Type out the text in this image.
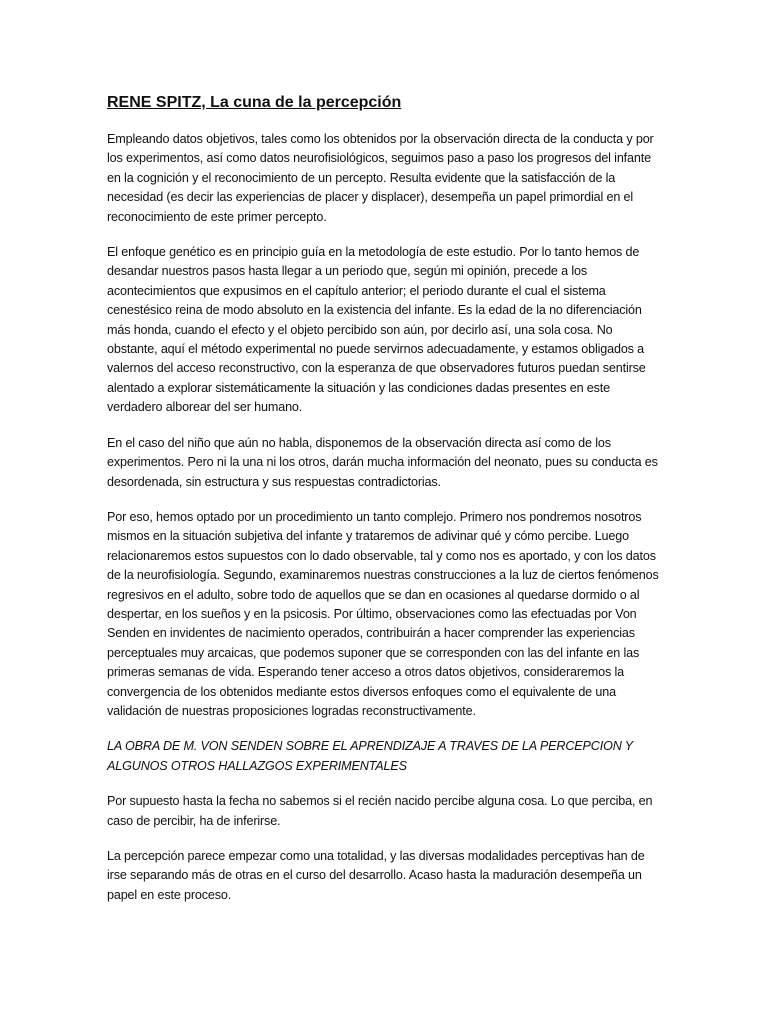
RENE SPITZ, La cuna de la percepción

Empleando datos objetivos, tales como los obtenidos por la observación directa de la conducta y por los experimentos, así como datos neurofisiológicos, seguimos paso a paso los progresos del infante en la cognición y el reconocimiento de un percepto. Resulta evidente que la satisfacción de la necesidad (es decir las experiencias de placer y displacer), desempeña un papel primordial en el reconocimiento de este primer percepto.

El enfoque genético es en principio guía en la metodología de este estudio. Por lo tanto hemos de desandar nuestros pasos hasta llegar a un periodo que, según mi opinión, precede a los acontecimientos que expusimos en el capítulo anterior; el periodo durante el cual el sistema cenestésico reina de modo absoluto en la existencia del infante. Es la edad de la no diferenciación más honda, cuando el efecto y el objeto percibido son aún, por decirlo así, una sola cosa. No obstante, aquí el método experimental no puede servirnos adecuadamente, y estamos obligados a valernos del acceso reconstructivo, con la esperanza de que observadores futuros puedan sentirse alentado a explorar sistemáticamente la situación y las condiciones dadas presentes en este verdadero alborear del ser humano.

En el caso del niño que aún no habla, disponemos de la observación directa así como de los experimentos. Pero ni la una ni los otros, darán mucha información del neonato, pues su conducta es desordenada, sin estructura y sus respuestas contradictorias.

Por eso, hemos optado por un procedimiento un tanto complejo. Primero nos pondremos nosotros mismos en la situación subjetiva del infante y trataremos de adivinar qué y cómo percibe. Luego relacionaremos estos supuestos con lo dado observable, tal y como nos es aportado, y con los datos de la neurofisiología. Segundo, examinaremos nuestras construcciones a la luz de ciertos fenómenos regresivos en el adulto, sobre todo de aquellos que se dan en ocasiones al quedarse dormido o al despertar, en los sueños y en la psicosis. Por último, observaciones como las efectuadas por Von Senden en invidentes de nacimiento operados, contribuirán a hacer comprender las experiencias perceptuales muy arcaicas, que podemos suponer que se corresponden con las del infante en las primeras semanas de vida. Esperando tener acceso a otros datos objetivos, consideraremos la convergencia de los obtenidos mediante estos diversos enfoques como el equivalente de una validación de nuestras proposiciones logradas reconstructivamente.

LA OBRA DE M. VON SENDEN SOBRE EL APRENDIZAJE A TRAVES DE LA PERCEPCION Y ALGUNOS OTROS HALLAZGOS EXPERIMENTALES

Por supuesto hasta la fecha no sabemos si el recién nacido percibe alguna cosa. Lo que perciba, en caso de percibir, ha de inferirse.

La percepción parece empezar como una totalidad, y las diversas modalidades perceptivas han de irse separando más de otras en el curso del desarrollo. Acaso hasta la maduración desempeña un papel en este proceso.
